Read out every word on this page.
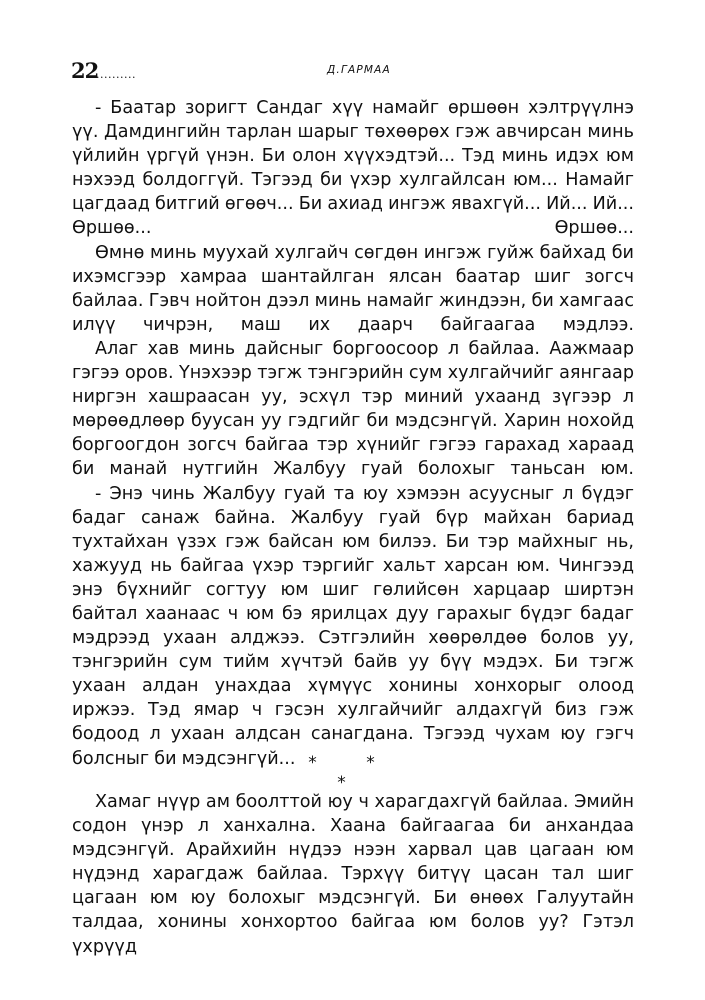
22
..........	Д.ГАРМАА

- Баатар зоригт Сандаг хүү намайг өршөөн хэлтрүүлнэ үү. Дамдингийн тарлан шарыг төхөөрөх гэж авчирсан минь үйлийн үргүй үнэн. Би олон хүүхэдтэй... Тэд минь идэх юм нэхээд болдоггүй. Тэгээд би үхэр хулгайлсан юм... Намайг цагдаад битгий өгөөч... Би ахиад ингэж явахгүй... Ий... Ий... Өршөө... Өршөө...

Өмнө минь муухай хулгайч сөгдөн ингэж гуйж байхад би ихэмсгээр хамраа шантайлган ялсан баатар шиг зогсч байлаа. Гэвч нойтон дээл минь намайг жиндээн, би хамгаас илүү чичрэн, маш их даарч байгаагаа мэдлээ.

Алаг хав минь дайсныг боргоосоор л байлаа. Аажмаар гэгээ оров. Үнэхээр тэгж тэнгэрийн сум хулгайчийг аянгаар ниргэн хашраасан уу, эсхүл тэр миний ухаанд зүгээр л мөрөөдлөөр буусан уу гэдгийг би мэдсэнгүй. Харин нохойд боргоогдон зогсч байгаа тэр хүнийг гэгээ гарахад хараад би манай нутгийн Жалбуу гуай болохыг таньсан юм.

- Энэ чинь Жалбуу гуай та юу хэмээн асуусныг л бүдэг бадаг санаж байна. Жалбуу гуай бүр майхан бариад тухтайхан үзэх гэж байсан юм билээ. Би тэр майхныг нь, хажууд нь байгаа үхэр тэргийг хальт харсан юм. Чингээд энэ бүхнийг согтуу юм шиг гөлийсөн харцаар ширтэн байтал хаанаас ч юм бэ ярилцах дуу гарахыг бүдэг бадаг мэдрээд ухаан алджээ. Сэтгэлийн хөөрөлдөө болов уу, тэнгэрийн сум тийм хүчтэй байв уу бүү мэдэх. Би тэгж ухаан алдан унахдаа хүмүүс хонины хонхорыг олоод иржээ. Тэд ямар ч гэсэн хулгайчийг алдахгүй биз гэж бодоод л ухаан алдсан санагдана. Тэгээд чухам юу гэгч болсныг би мэдсэнгүй... * * *

Хамаг нүүр ам боолттой юу ч харагдахгүй байлаа. Эмийн содон үнэр л ханхална. Хаана байгаагаа би анхандаа мэдсэнгүй. Арайхийн нүдээ нээн харвал цав цагаан юм нүдэнд харагдаж байлаа. Тэрхүү битүү цасан тал шиг цагаан юм юу болохыг мэдсэнгүй. Би өнөөх Галуутайн талдаа, хонины хонхортоо байгаа юм болов уу? Гэтэл үхрүүд
